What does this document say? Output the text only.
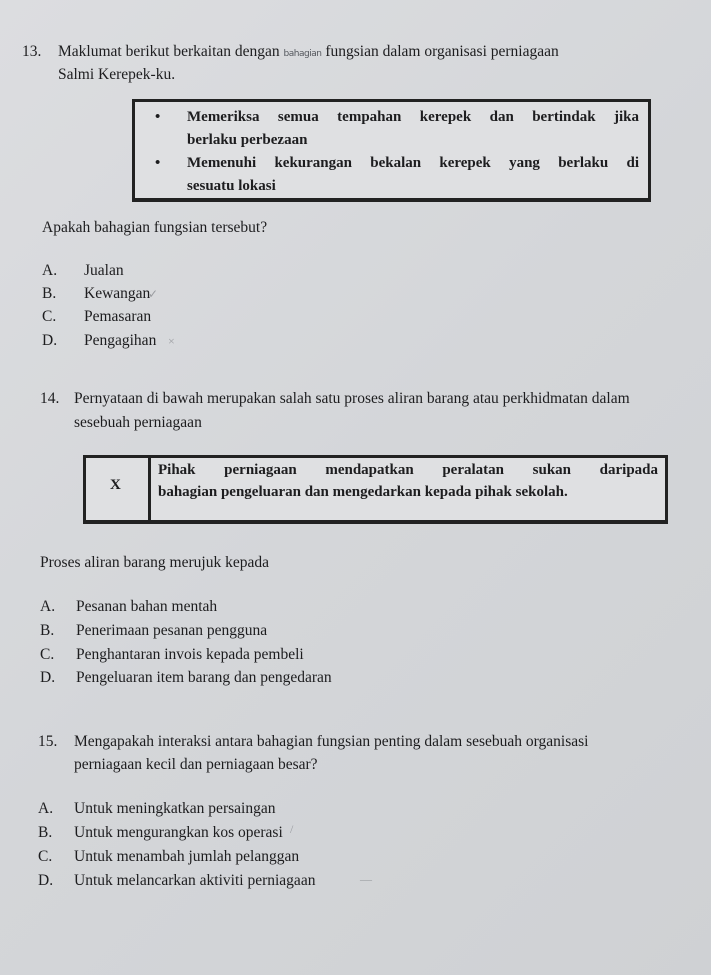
13. Maklumat berikut berkaitan dengan bahagian fungsian dalam organisasi perniagaan
Salmi Kerepek-ku.
• Memeriksa semua tempahan kerepek dan bertindak jika
berlaku perbezaan
• Memenuhi kekurangan bekalan kerepek yang berlaku di
sesuatu lokasi
Apakah bahagian fungsian tersebut?
A. Jualan
B. Kewangan
✓
C. Pemasaran
D. Pengagihan ×
14. Pernyataan di bawah merupakan salah satu proses aliran barang atau perkhidmatan dalam
sesebuah perniagaan
X
Pihak perniagaan mendapatkan peralatan sukan daripada
bahagian pengeluaran dan mengedarkan kepada pihak sekolah.
Proses aliran barang merujuk kepada
A. Pesanan bahan mentah
B. Penerimaan pesanan pengguna
C. Penghantaran invois kepada pembeli
D. Pengeluaran item barang dan pengedaran
15. Mengapakah interaksi antara bahagian fungsian penting dalam sesebuah organisasi
perniagaan kecil dan perniagaan besar?
A. Untuk meningkatkan persaingan
B. Untuk mengurangkan kos operasi /
C. Untuk menambah jumlah pelanggan
D. Untuk melancarkan aktiviti perniagaan	—
